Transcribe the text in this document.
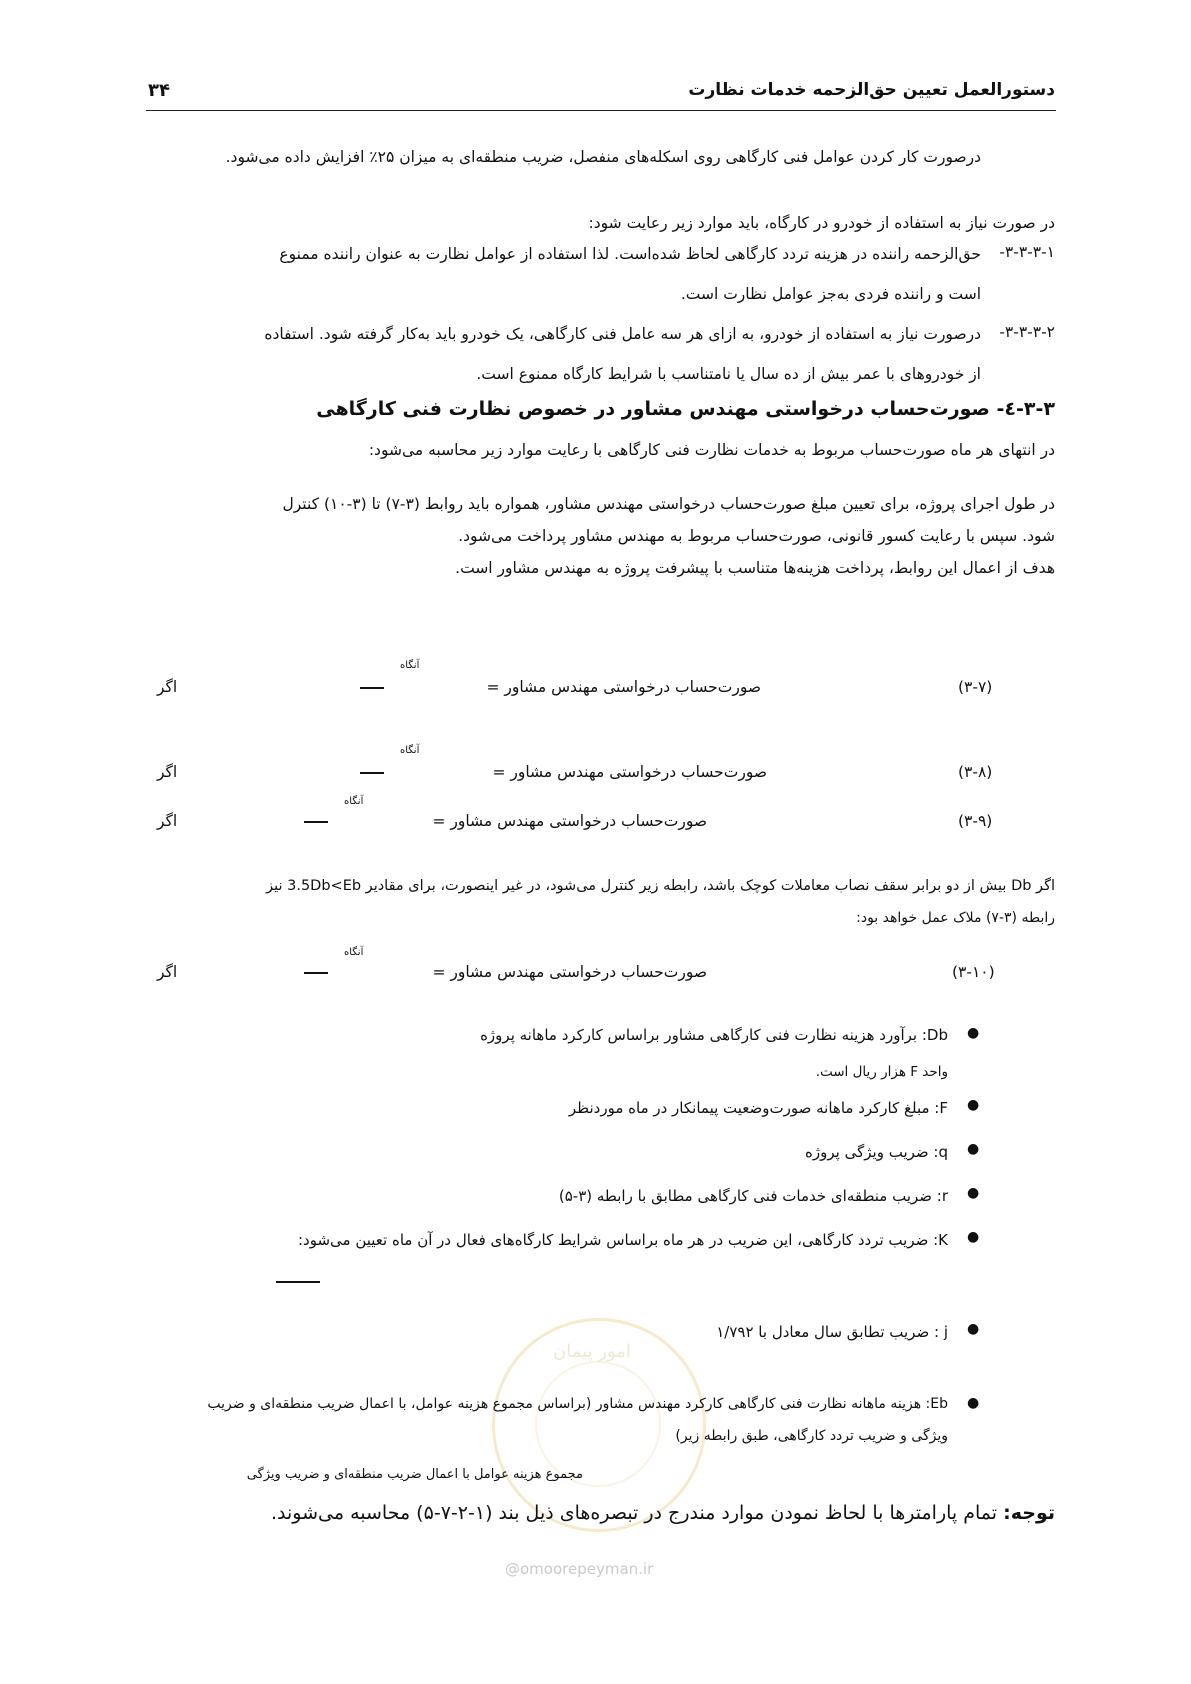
دستورالعمل تعیین حق‌الزحمه خدمات نظارت
۳۴
درصورت کار کردن عوامل فنی کارگاهی روی اسکله‌های منفصل، ضریب منطقه‌ای به میزان ۲۵٪ افزایش داده می‌شود.
در صورت نیاز به استفاده از خودرو در کارگاه، باید موارد زیر رعایت شود:
۳-۳-۳-۱-
حق‌الزحمه راننده در هزینه تردد کارگاهی لحاظ شده‌است. لذا استفاده از عوامل نظارت به عنوان راننده ممنوع
است و راننده فردی به‌جز عوامل نظارت است.
۳-۳-۳-۲-
درصورت نیاز به استفاده از خودرو، به ازای هر سه عامل فنی کارگاهی، یک خودرو باید به‌کار گرفته شود. استفاده
از خودروهای با عمر بیش از ده سال یا نامتناسب با شرایط کارگاه ممنوع است.
۳-۳-٤- صورت‌حساب درخواستی مهندس مشاور در خصوص نظارت فنی کارگاهی
در انتهای هر ماه صورت‌حساب مربوط به خدمات نظارت فنی کارگاهی با رعایت موارد زیر محاسبه می‌شود:
در طول اجرای پروژه، برای تعیین مبلغ صورت‌حساب درخواستی مهندس مشاور، همواره باید روابط (۳-۷) تا (۳-۱۰) کنترل
شود. سپس با رعایت کسور قانونی، صورت‌حساب مربوط به مهندس مشاور پرداخت می‌شود.
هدف از اعمال این روابط، پرداخت هزینه‌ها متناسب با پیشرفت پروژه به مهندس مشاور است.
(۳-۷)
صورت‌حساب درخواستی مهندس مشاور =
آنگاه
اگر
(۳-۸)
صورت‌حساب درخواستی مهندس مشاور =
آنگاه
اگر
(۳-۹)
صورت‌حساب درخواستی مهندس مشاور =
آنگاه
اگر
اگر Db بیش از دو برابر سقف نصاب معاملات کوچک باشد، رابطه زیر کنترل می‌شود، در غیر اینصورت، برای مقادیر 3.5Db<Eb نیز
رابطه (۳-۷) ملاک عمل خواهد بود:
(۳-۱۰)
صورت‌حساب درخواستی مهندس مشاور =
آنگاه
اگر
●
Db: برآورد هزینه نظارت فنی کارگاهی مشاور براساس کارکرد ماهانه پروژه
واحد F هزار ریال است.
●
F: مبلغ کارکرد ماهانه صورت‌وضعیت پیمانکار در ماه موردنظر
●
q: ضریب ویژگی پروژه
●
r: ضریب منطقه‌ای خدمات فنی کارگاهی مطابق با رابطه (۳-۵)
●
K: ضریب تردد کارگاهی، این ضریب در هر ماه براساس شرایط کارگاه‌های فعال در آن ماه تعیین می‌شود:
●
j : ضریب تطابق سال معادل با ۱/۷۹۲
امور پیمان
●
Eb: هزینه ماهانه نظارت فنی کارگاهی کارکرد مهندس مشاور (براساس مجموع هزینه عوامل، با اعمال ضریب منطقه‌ای و ضریب
ویژگی و ضریب تردد کارگاهی، طبق رابطه زیر)
مجموع هزینه عوامل با اعمال ضریب منطقه‌ای و ضریب ویژگی
توجه: تمام پارامترها با لحاظ نمودن موارد مندرج در تبصره‌های ذیل بند (۱-۲-۷-۵) محاسبه می‌شوند.
@omoorepeyman.ir
